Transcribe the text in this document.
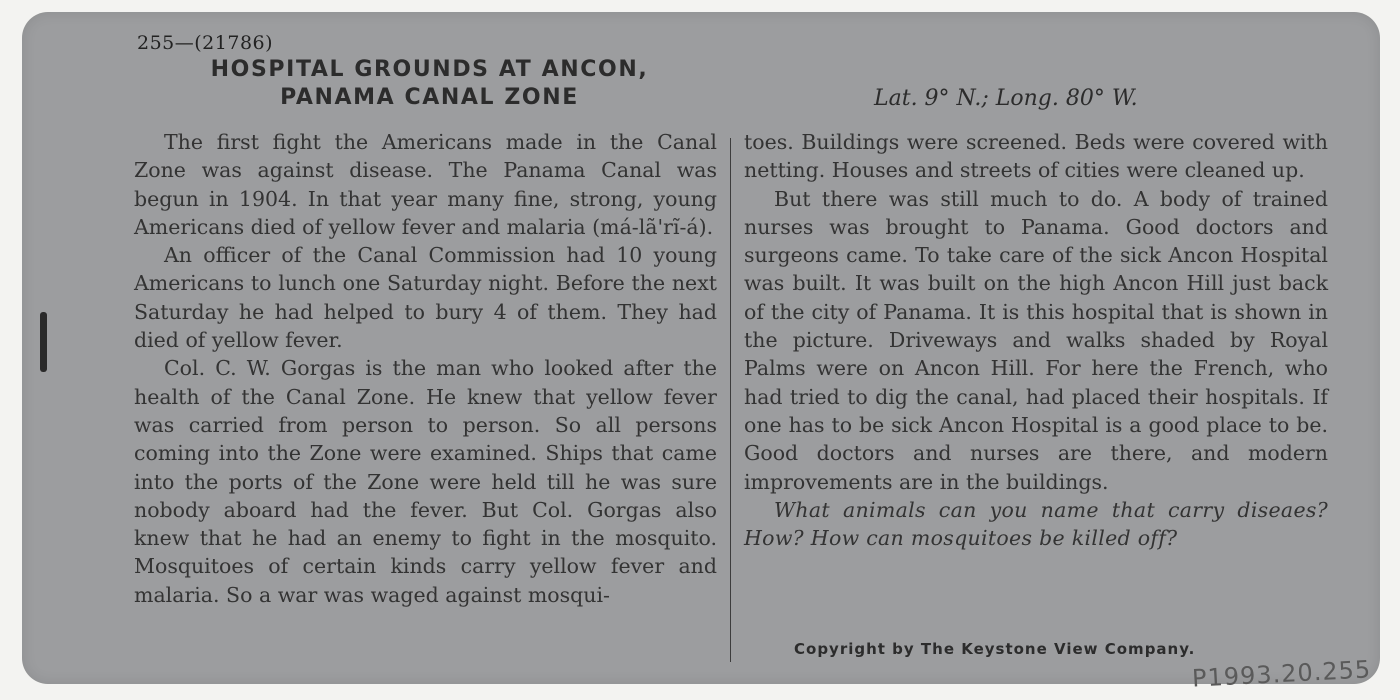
255—(21786)
HOSPITAL GROUNDS AT ANCON,
PANAMA CANAL ZONE	Lat. 9° N.; Long. 80° W.

The first fight the Americans made in the Canal Zone was against disease. The Panama Canal was begun in 1904. In that year many fine, strong, young Americans died of yellow fever and malaria (má-lã'rĩ-á).

An officer of the Canal Commission had 10 young Americans to lunch one Saturday night. Before the next Saturday he had helped to bury 4 of them. They had died of yellow fever.

Col. C. W. Gorgas is the man who looked after the health of the Canal Zone. He knew that yellow fever was carried from person to person. So all persons coming into the Zone were examined. Ships that came into the ports of the Zone were held till he was sure nobody aboard had the fever. But Col. Gorgas also knew that he had an enemy to fight in the mosquito. Mosquitoes of certain kinds carry yellow fever and malaria. So a war was waged against mosqui-

toes. Buildings were screened. Beds were covered with netting. Houses and streets of cities were cleaned up.

But there was still much to do. A body of trained nurses was brought to Panama. Good doctors and surgeons came. To take care of the sick Ancon Hospital was built. It was built on the high Ancon Hill just back of the city of Panama. It is this hospital that is shown in the picture. Driveways and walks shaded by Royal Palms were on Ancon Hill. For here the French, who had tried to dig the canal, had placed their hospitals. If one has to be sick Ancon Hospital is a good place to be. Good doctors and nurses are there, and modern improvements are in the buildings.

What animals can you name that carry diseaes? How? How can mosquitoes be killed off?

Copyright by The Keystone View Company.
P1993.20.255
